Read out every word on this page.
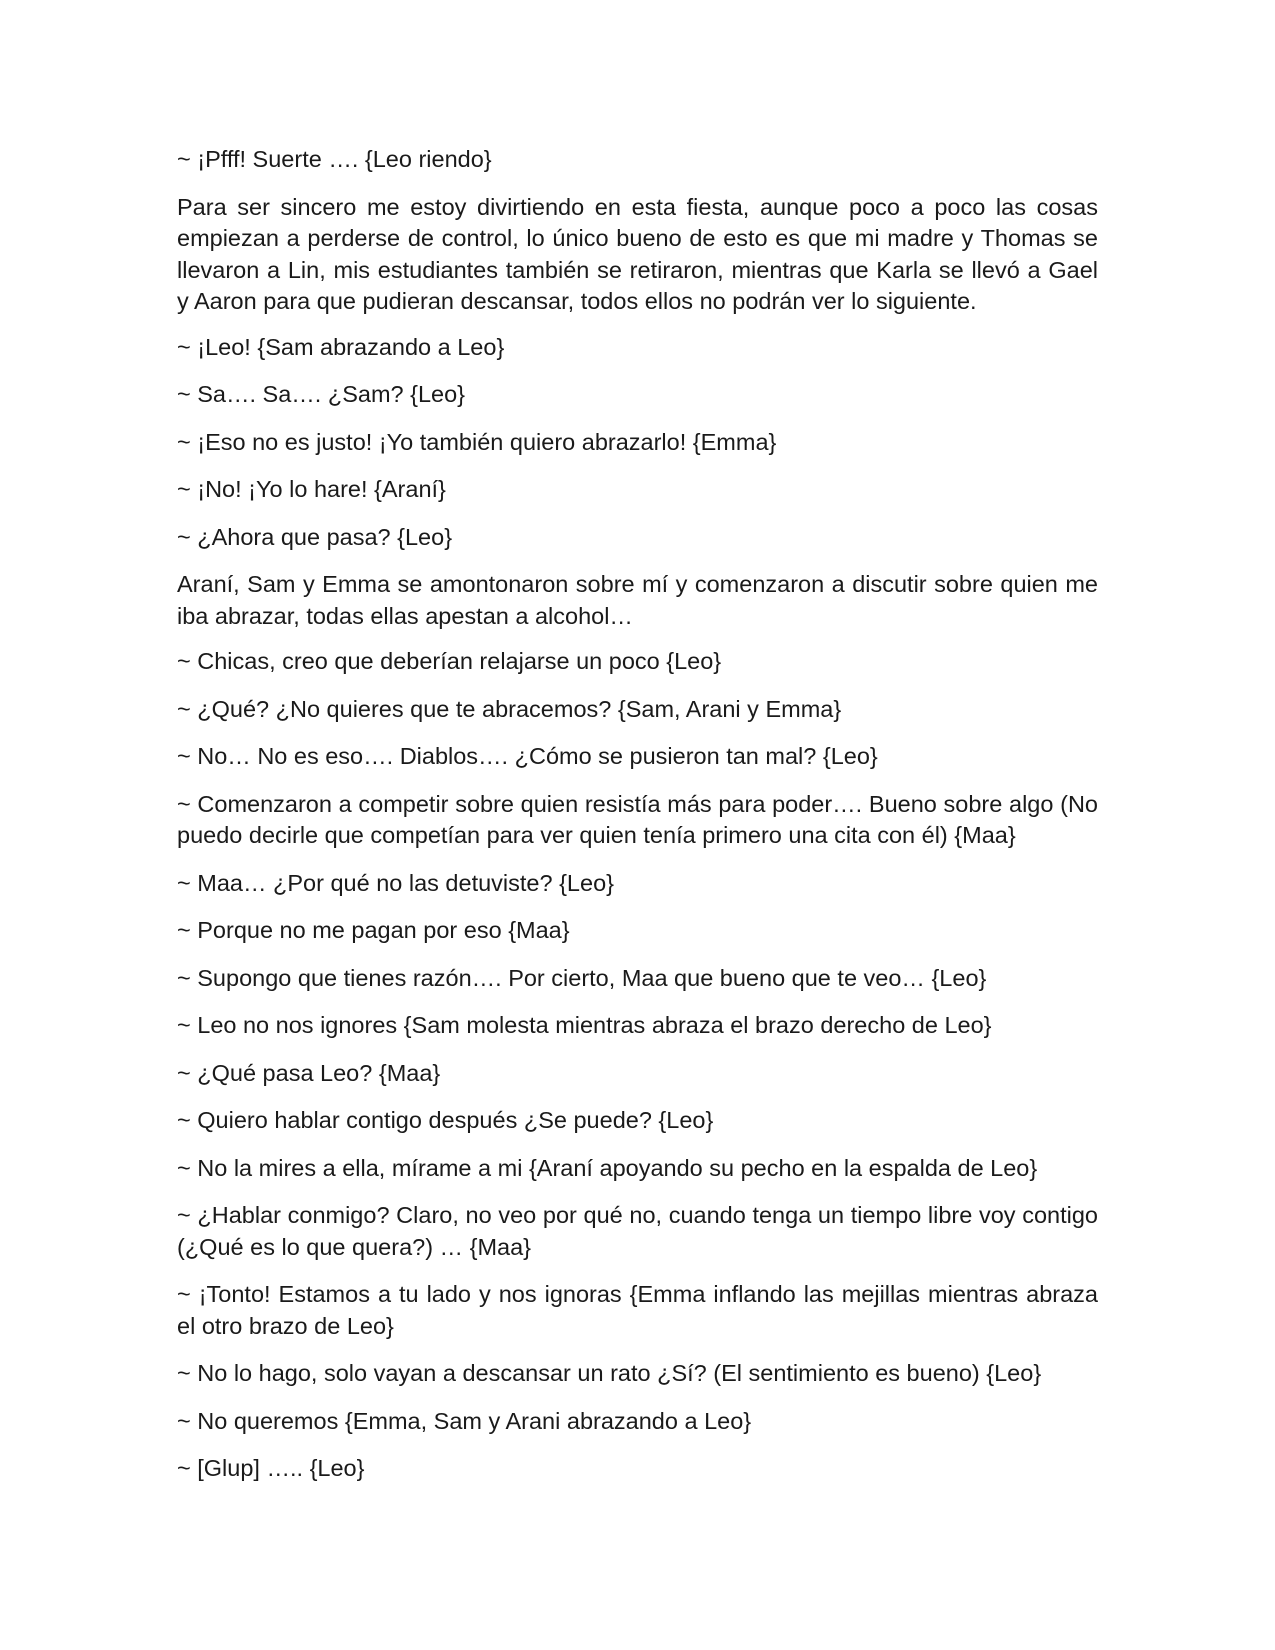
~ ¡Pfff! Suerte …. {Leo riendo}

Para ser sincero me estoy divirtiendo en esta fiesta, aunque poco a poco las cosas empiezan a perderse de control, lo único bueno de esto es que mi madre y Thomas se llevaron a Lin, mis estudiantes también se retiraron, mientras que Karla se llevó a Gael y Aaron para que pudieran descansar, todos ellos no podrán ver lo siguiente.

~ ¡Leo! {Sam abrazando a Leo}

~ Sa…. Sa…. ¿Sam? {Leo}

~ ¡Eso no es justo! ¡Yo también quiero abrazarlo! {Emma}

~ ¡No! ¡Yo lo hare! {Araní}

~ ¿Ahora que pasa? {Leo}

Araní, Sam y Emma se amontonaron sobre mí y comenzaron a discutir sobre quien me iba abrazar, todas ellas apestan a alcohol…

~ Chicas, creo que deberían relajarse un poco {Leo}

~ ¿Qué? ¿No quieres que te abracemos? {Sam, Arani y Emma}

~ No… No es eso…. Diablos…. ¿Cómo se pusieron tan mal? {Leo}

~ Comenzaron a competir sobre quien resistía más para poder…. Bueno sobre algo (No puedo decirle que competían para ver quien tenía primero una cita con él) {Maa}

~ Maa… ¿Por qué no las detuviste? {Leo}

~ Porque no me pagan por eso {Maa}

~ Supongo que tienes razón…. Por cierto, Maa que bueno que te veo… {Leo}

~ Leo no nos ignores {Sam molesta mientras abraza el brazo derecho de Leo}

~ ¿Qué pasa Leo? {Maa}

~ Quiero hablar contigo después ¿Se puede? {Leo}

~ No la mires a ella, mírame a mi {Araní apoyando su pecho en la espalda de Leo}

~ ¿Hablar conmigo? Claro, no veo por qué no, cuando tenga un tiempo libre voy contigo (¿Qué es lo que quera?) … {Maa}

~ ¡Tonto! Estamos a tu lado y nos ignoras {Emma inflando las mejillas mientras abraza el otro brazo de Leo}

~ No lo hago, solo vayan a descansar un rato ¿Sí? (El sentimiento es bueno) {Leo}

~ No queremos {Emma, Sam y Arani abrazando a Leo}

~ [Glup] ….. {Leo}
